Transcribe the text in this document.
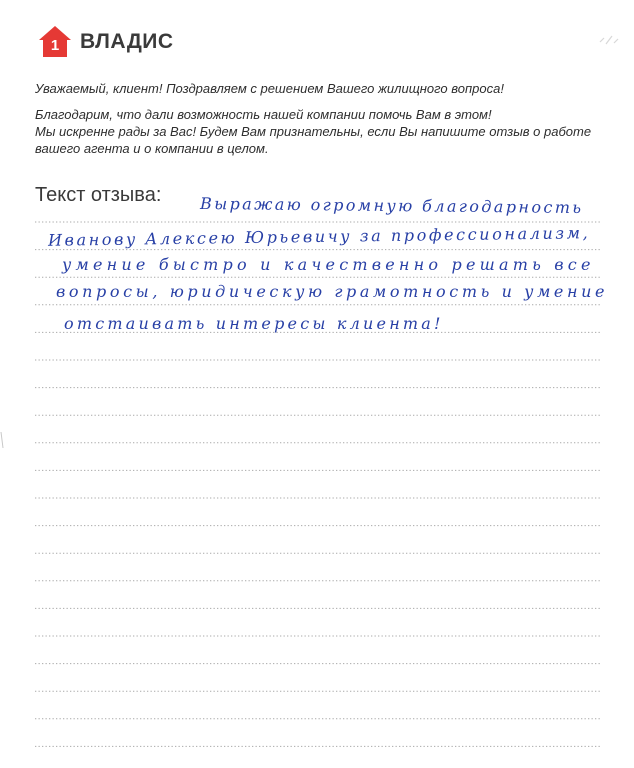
1 ВЛАДИС

Уважаемый, клиент! Поздравляем с решением Вашего жилищного вопроса!

Благодарим, что дали возможность нашей компании помочь Вам в этом!

Мы искренне рады за Вас! Будем Вам признательны, если Вы напишите отзыв о работе

вашего агента и о компании в целом.

Текст отзыва: Выражаю огромную благодарность
Ивановy Алексею Юрьевичу за профессионализм,
умение быстро и качественно решать все
вопросы, юридическую грамотность и умение
отстаивать интересы клиента!
